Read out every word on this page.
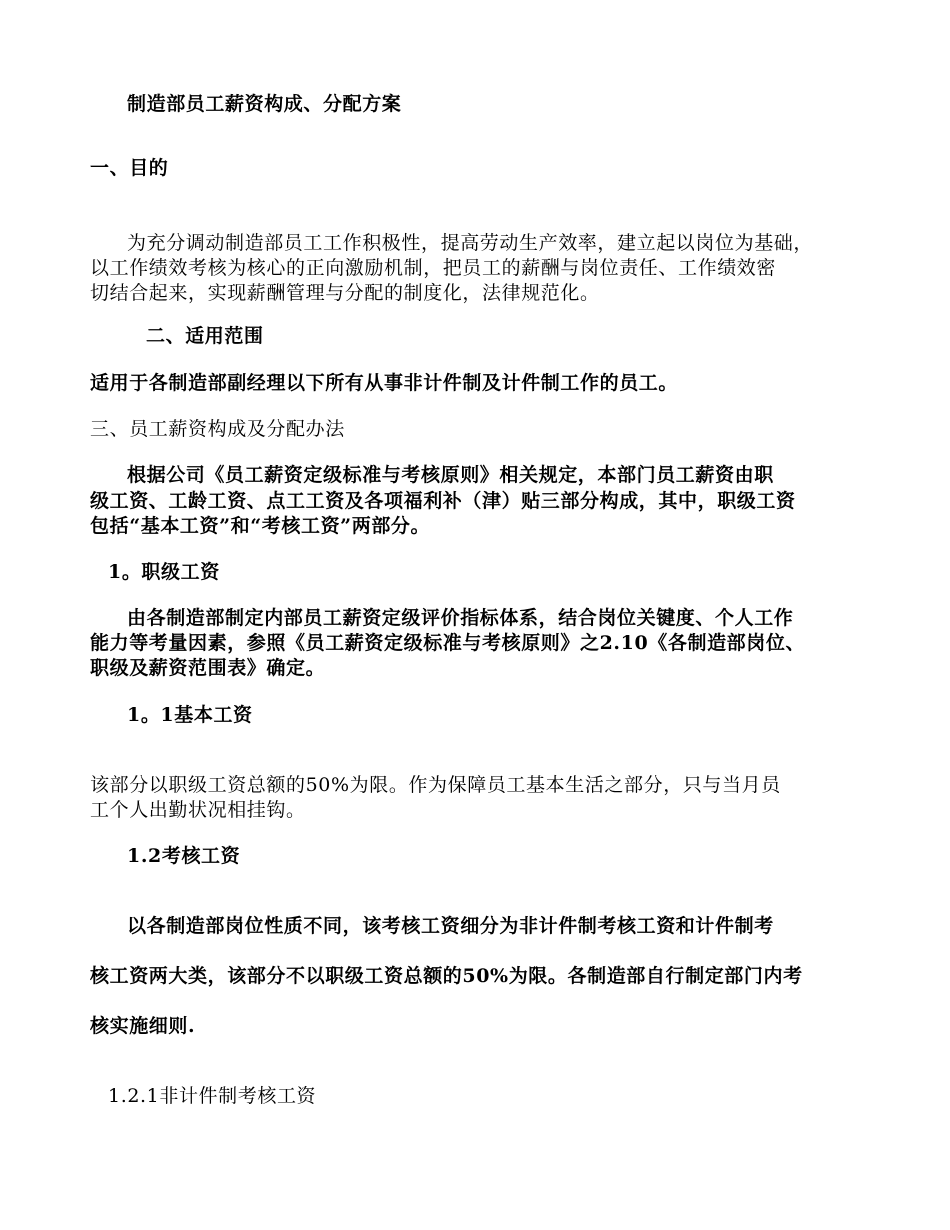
制造部员工薪资构成、分配方案
一、目的
为充分调动制造部员工工作积极性，提高劳动生产效率，建立起以岗位为基础，
以工作绩效考核为核心的正向激励机制，把员工的薪酬与岗位责任、工作绩效密
切结合起来，实现薪酬管理与分配的制度化，法律规范化。
二、适用范围
适用于各制造部副经理以下所有从事非计件制及计件制工作的员工。
三、员工薪资构成及分配办法
根据公司《员工薪资定级标准与考核原则》相关规定，本部门员工薪资由职
级工资、工龄工资、点工工资及各项福利补（津）贴三部分构成，其中，职级工资
包括“基本工资”和“考核工资”两部分。
1。职级工资
由各制造部制定内部员工薪资定级评价指标体系，结合岗位关键度、个人工作
能力等考量因素，参照《员工薪资定级标准与考核原则》之2.10《各制造部岗位、
职级及薪资范围表》确定。
1。1基本工资
该部分以职级工资总额的50%为限。作为保障员工基本生活之部分，只与当月员
工个人出勤状况相挂钩。
1.2考核工资
以各制造部岗位性质不同，该考核工资细分为非计件制考核工资和计件制考
核工资两大类，该部分不以职级工资总额的50%为限。各制造部自行制定部门内考
核实施细则.
1.2.1非计件制考核工资
